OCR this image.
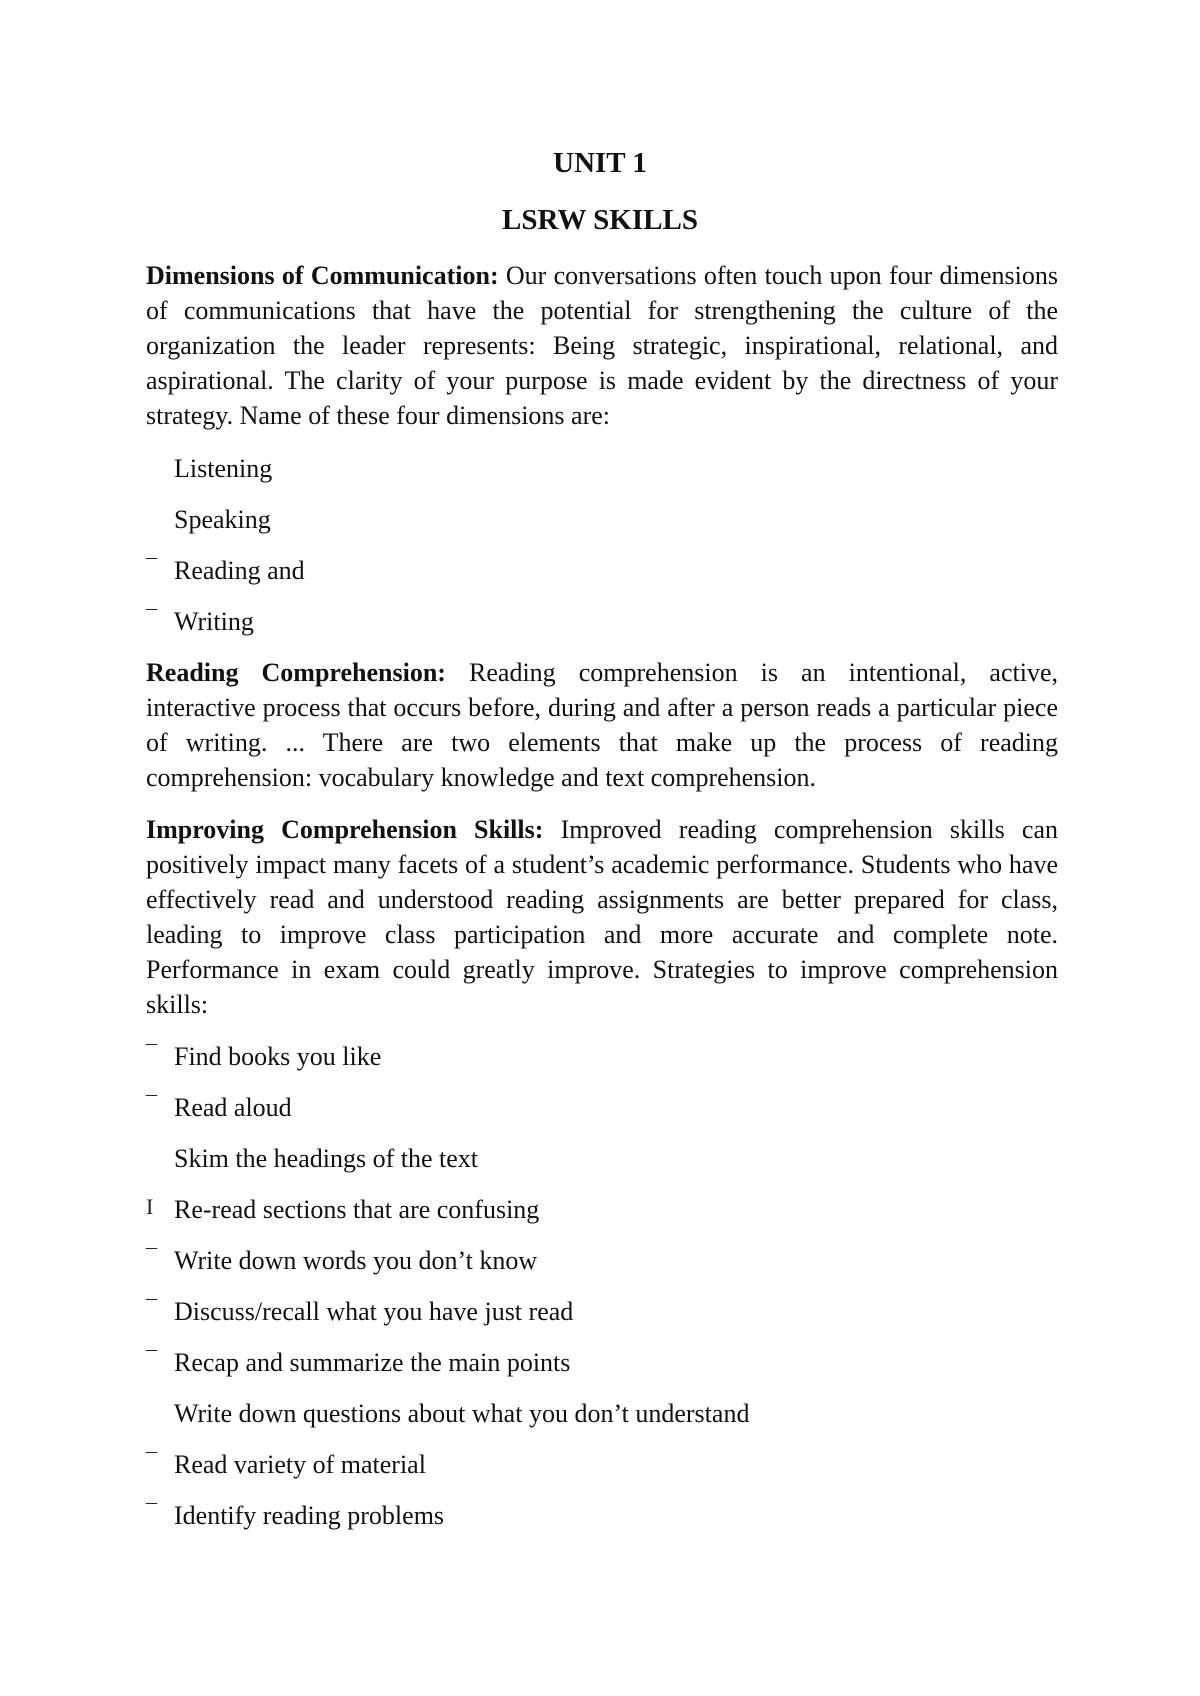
UNIT 1
LSRW SKILLS

Dimensions of Communication: Our conversations often touch upon four dimensions of communications that have the potential for strengthening the culture of the organization the leader represents: Being strategic, inspirational, relational, and aspirational. The clarity of your purpose is made evident by the directness of your strategy. Name of these four dimensions are:

Listening
Speaking
¯ Reading and
¯ Writing

Reading Comprehension: Reading comprehension is an intentional, active, interactive process that occurs before, during and after a person reads a particular piece of writing. ... There are two elements that make up the process of reading comprehension: vocabulary knowledge and text comprehension.

Improving Comprehension Skills: Improved reading comprehension skills can positively impact many facets of a student’s academic performance. Students who have effectively read and understood reading assignments are better prepared for class, leading to improve class participation and more accurate and complete note. Performance in exam could greatly improve. Strategies to improve comprehension skills:

¯ Find books you like
¯ Read aloud
Skim the headings of the text
I Re-read sections that are confusing
¯ Write down words you don’t know
¯ Discuss/recall what you have just read
¯ Recap and summarize the main points
Write down questions about what you don’t understand
¯ Read variety of material
¯ Identify reading problems
